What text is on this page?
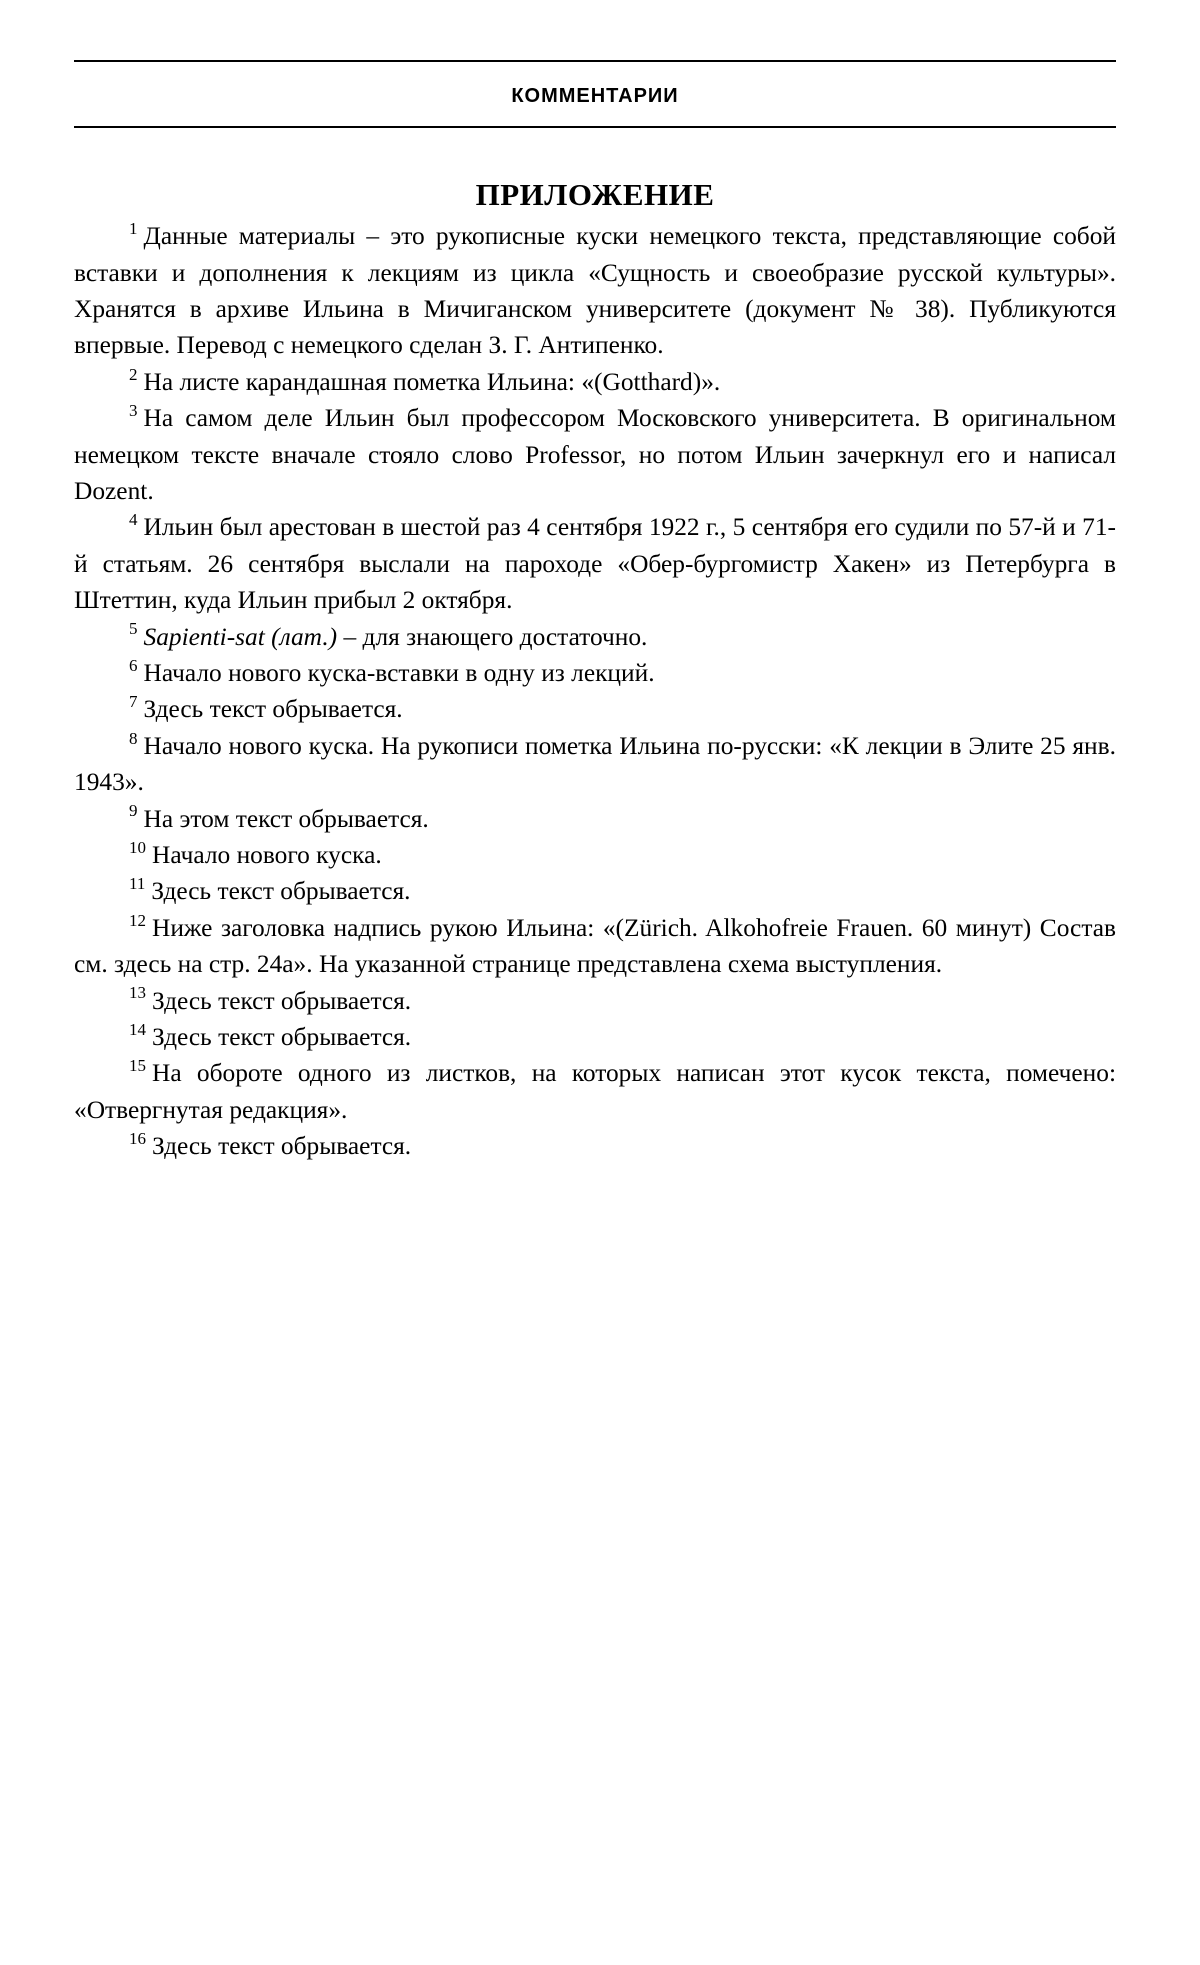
КОММЕНТАРИИ
ПРИЛОЖЕНИЕ

$^1$ Данные материалы – это рукописные куски немецкого текста, представляющие собой вставки и дополнения к лекциям из цикла «Сущность и своеобразие русской культуры». Хранятся в архиве Ильина в Мичиганском университете (документ № 38). Публикуются впервые. Перевод с немецкого сделан З. Г. Антипенко.

$^2$ На листе карандашная пометка Ильина: «(Gotthard)».

$^3$ На самом деле Ильин был профессором Московского университета. В оригинальном немецком тексте вначале стояло слово Professor, но потом Ильин зачеркнул его и написал Dozent.

$^4$ Ильин был арестован в шестой раз 4 сентября 1922 г., 5 сентября его судили по 57-й и 71-й статьям. 26 сентября выслали на пароходе «Обер-бургомистр Хакен» из Петербурга в Штеттин, куда Ильин прибыл 2 октября.

$^5$ Sapienti-sat (лат.) – для знающего достаточно.

$^6$ Начало нового куска-вставки в одну из лекций.

$^7$ Здесь текст обрывается.

$^8$ Начало нового куска. На рукописи пометка Ильина по-русски: «К лекции в Элите 25 янв. 1943».

$^9$ На этом текст обрывается.

$^{10}$ Начало нового куска.

$^{11}$ Здесь текст обрывается.

$^{12}$ Ниже заголовка надпись рукою Ильина: «(Zürich. Alkohofreie Frauen. 60 минут) Состав см. здесь на стр. 24а». На указанной странице представлена схема выступления.

$^{13}$ Здесь текст обрывается.

$^{14}$ Здесь текст обрывается.

$^{15}$ На обороте одного из листков, на которых написан этот кусок текста, помечено: «Отвергнутая редакция».

$^{16}$ Здесь текст обрывается.
